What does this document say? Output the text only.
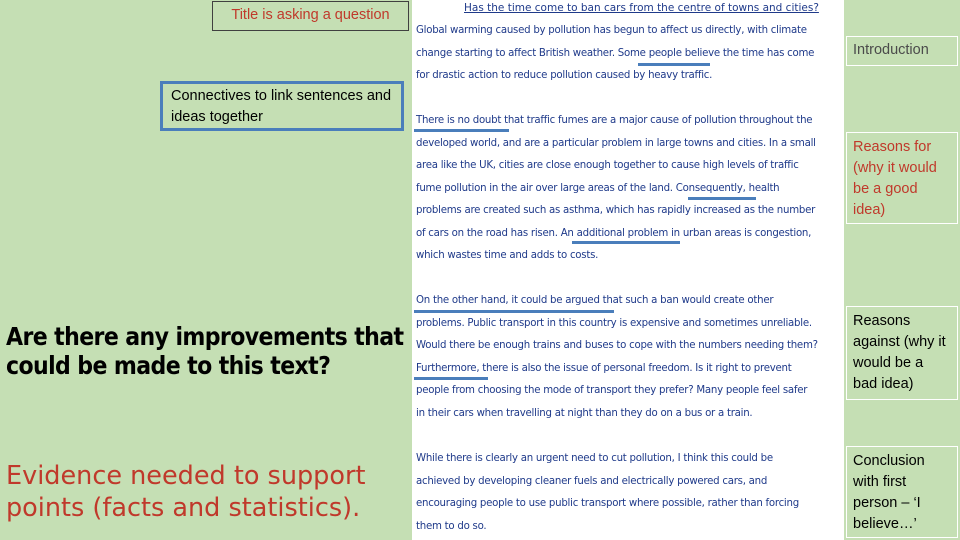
Title is asking a question
Connectives to link sentences and ideas together
Are there any improvements that could be made to this text?
Evidence needed to support points (facts and statistics).
Has the time come to ban cars from the centre of towns and cities?
Global warming caused by pollution has begun to affect us directly, with climate
change starting to affect British weather. Some people believe the time has come
for drastic action to reduce pollution caused by heavy traffic.
There is no doubt that traffic fumes are a major cause of pollution throughout the
developed world, and are a particular problem in large towns and cities. In a small
area like the UK, cities are close enough together to cause high levels of traffic
fume pollution in the air over large areas of the land. Consequently, health
problems are created such as asthma, which has rapidly increased as the number
of cars on the road has risen. An additional problem in urban areas is congestion,
which wastes time and adds to costs.
On the other hand, it could be argued that such a ban would create other
problems. Public transport in this country is expensive and sometimes unreliable.
Would there be enough trains and buses to cope with the numbers needing them?
Furthermore, there is also the issue of personal freedom. Is it right to prevent
people from choosing the mode of transport they prefer? Many people feel safer
in their cars when travelling at night than they do on a bus or a train.
While there is clearly an urgent need to cut pollution, I think this could be
achieved by developing cleaner fuels and electrically powered cars, and
encouraging people to use public transport where possible, rather than forcing
them to do so.
Introduction
Reasons for (why it would be a good idea)
Reasons against (why it would be a bad idea)
Conclusion with first person – ‘I believe…’
